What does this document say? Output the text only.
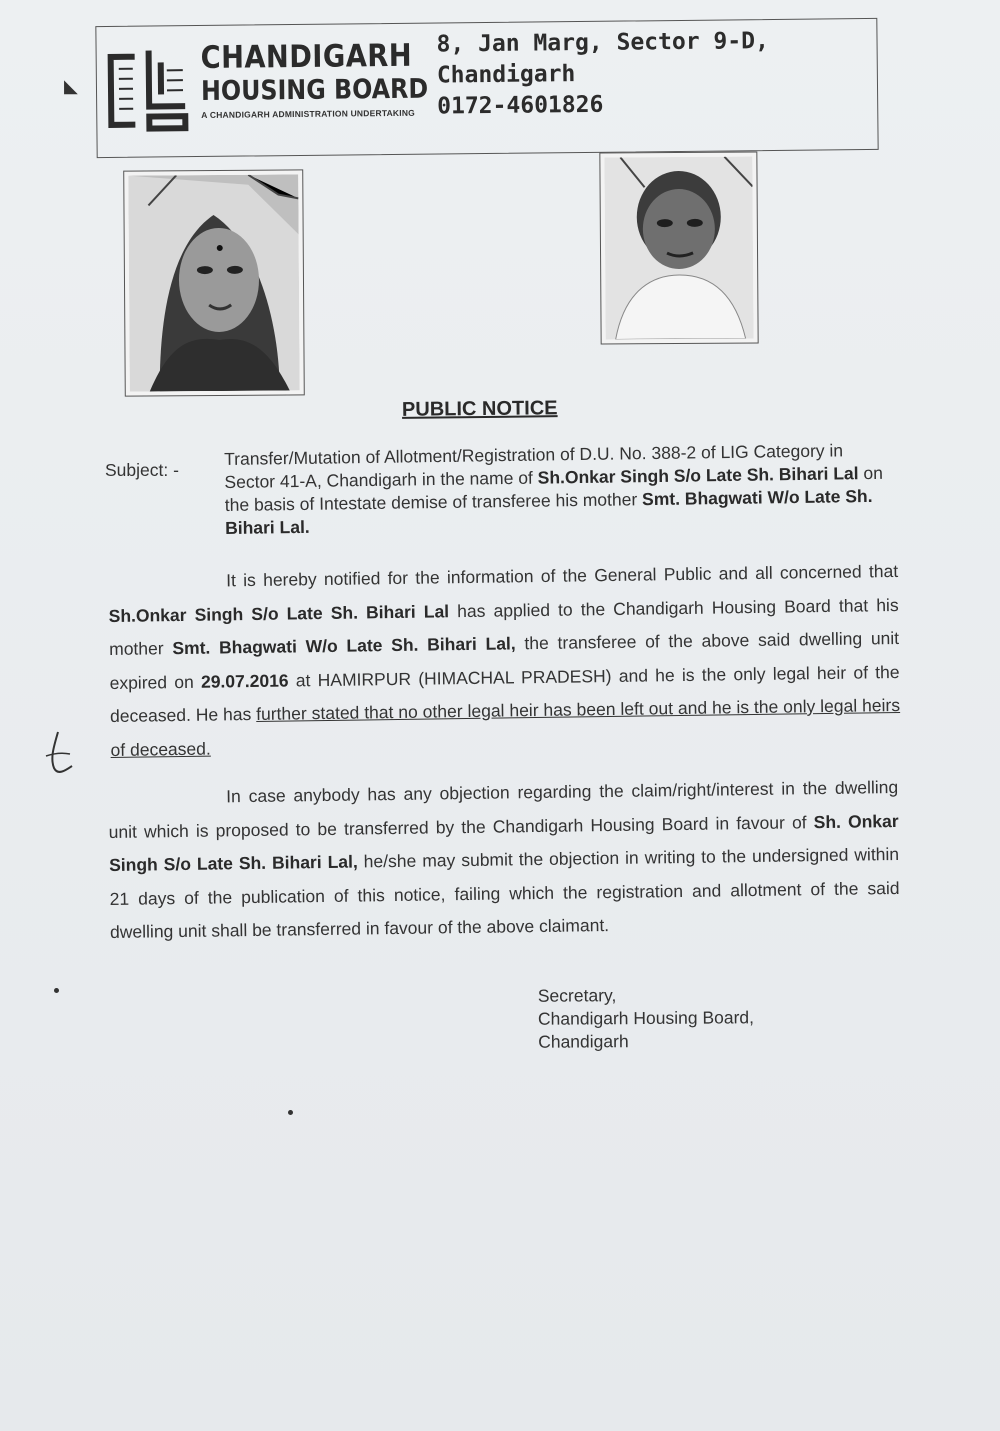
CHANDIGARH
HOUSING BOARD
A CHANDIGARH ADMINISTRATION UNDERTAKING
8, Jan Marg, Sector 9-D,
Chandigarh
0172-4601826
◣
PUBLIC NOTICE
Subject: -
Transfer/Mutation of Allotment/Registration of D.U. No. 388-2 of LIG Category in Sector 41-A, Chandigarh in the name of Sh.Onkar Singh S/o Late Sh. Bihari Lal on the basis of Intestate demise of transferee his mother Smt. Bhagwati W/o Late Sh. Bihari Lal.
It is hereby notified for the information of the General Public and all concerned that Sh.Onkar Singh S/o Late Sh. Bihari Lal has applied to the Chandigarh Housing Board that his mother Smt. Bhagwati W/o Late Sh. Bihari Lal, the transferee of the above said dwelling unit expired on 29.07.2016 at HAMIRPUR (HIMACHAL PRADESH) and he is the only legal heir of the deceased. He has further stated that no other legal heir has been left out and he is the only legal heirs of deceased.
In case anybody has any objection regarding the claim/right/interest in the dwelling unit which is proposed to be transferred by the Chandigarh Housing Board in favour of Sh. Onkar Singh S/o Late Sh. Bihari Lal, he/she may submit the objection in writing to the undersigned within 21 days of the publication of this notice, failing which the registration and allotment of the said dwelling unit shall be transferred in favour of the above claimant.
Secretary,
Chandigarh Housing Board,
Chandigarh
